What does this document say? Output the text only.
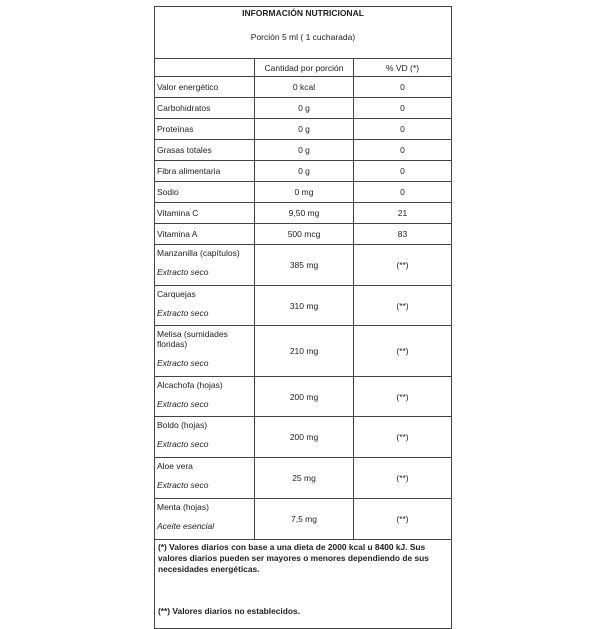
INFORMACIÓN NUTRICIONAL		
Porción 5 ml ( 1 cucharada)		
	Cantidad por porción	% VD (*)
Valor energético	0 kcal	0
Carbohidratos	0 g	0
Proteínas	0 g	0
Grasas totales	0 g	0
Fibra alimentaria	0 g	0
Sodio	0 mg	0
Vitamina C	9,50 mg	21
Vitamina A	500 mcg	83
Manzanilla (capítulos)
Extracto seco	385 mg	(**)
Carquejas
Extracto seco	310 mg	(**)
Melisa (sumidades floridas)
Extracto seco	210 mg	(**)
Alcachofa (hojas)
Extracto seco	200 mg	(**)
Boldo (hojas)
Extracto seco	200 mg	(**)
Aloe vera
Extracto seco	25 mg	(**)
Menta (hojas)
Aceite esencial	7,5 mg	(**)
(*) Valores diarios con base a una dieta de 2000 kcal u 8400 kJ. Sus valores diarios pueden ser mayores o menores dependiendo de sus necesidades energéticas.		
(**) Valores diarios no establecidos.		
